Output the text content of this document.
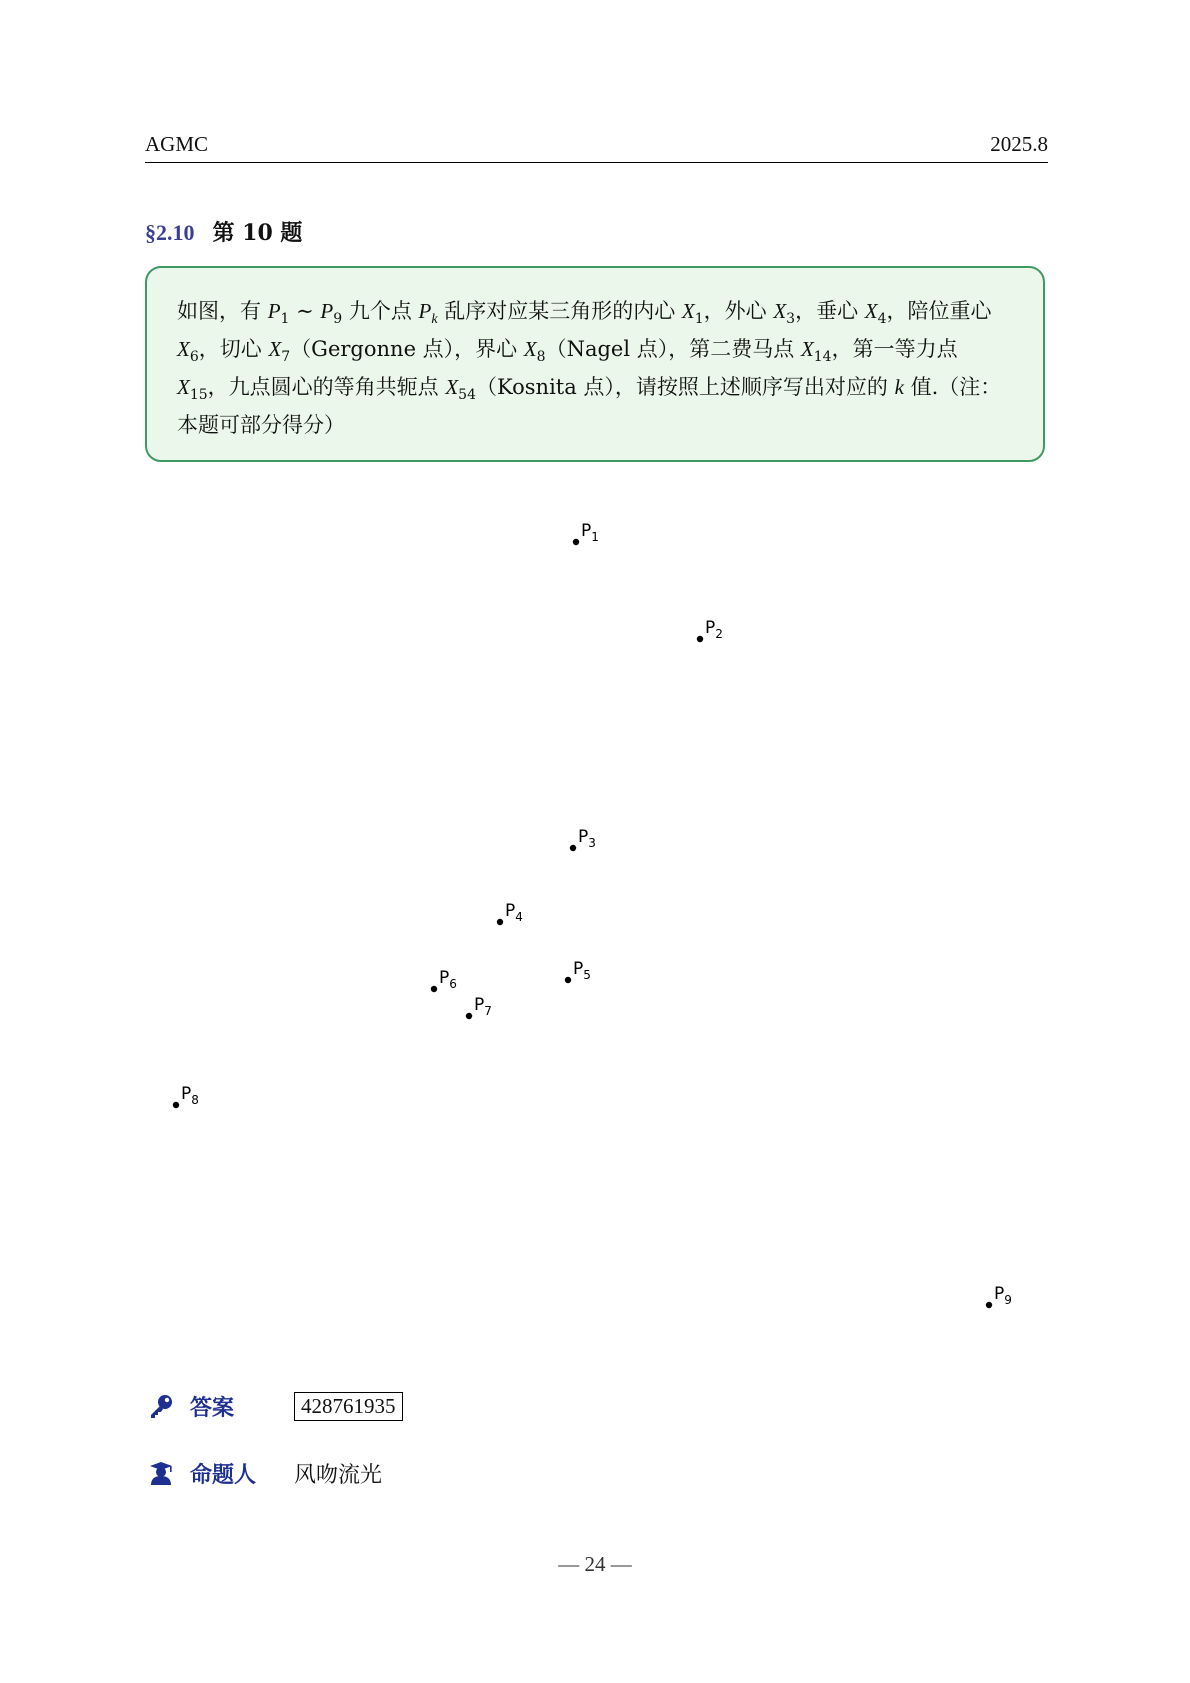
AGMC	2025.8
§2.10 第 10 题

如图，有 $P_1$ ∼ $P_9$ 九个点 $P_k$ 乱序对应某三角形的内心 $X_1$，外心 $X_3$，垂心 $X_4$，陪位重心 $X_6$，切心 $X_7(Gergonne$ 点），界心 $X_8(Nagel$ 点），第二费马点 $X_{14}$，第一等力点 $X_{15}$，九点圆心的等角共轭点 $X_{54}(Kosnita$ 点），请按照上述顺序写出对应的 k 值.（注：本题可部分得分）

$P_1$
$P_2$
$P_3$
$P_4$
$P_5$
$P_6$
$P_7$
$P_8$
$P_9$
答案	428761935
命题人	风吻流光
— 24 —
